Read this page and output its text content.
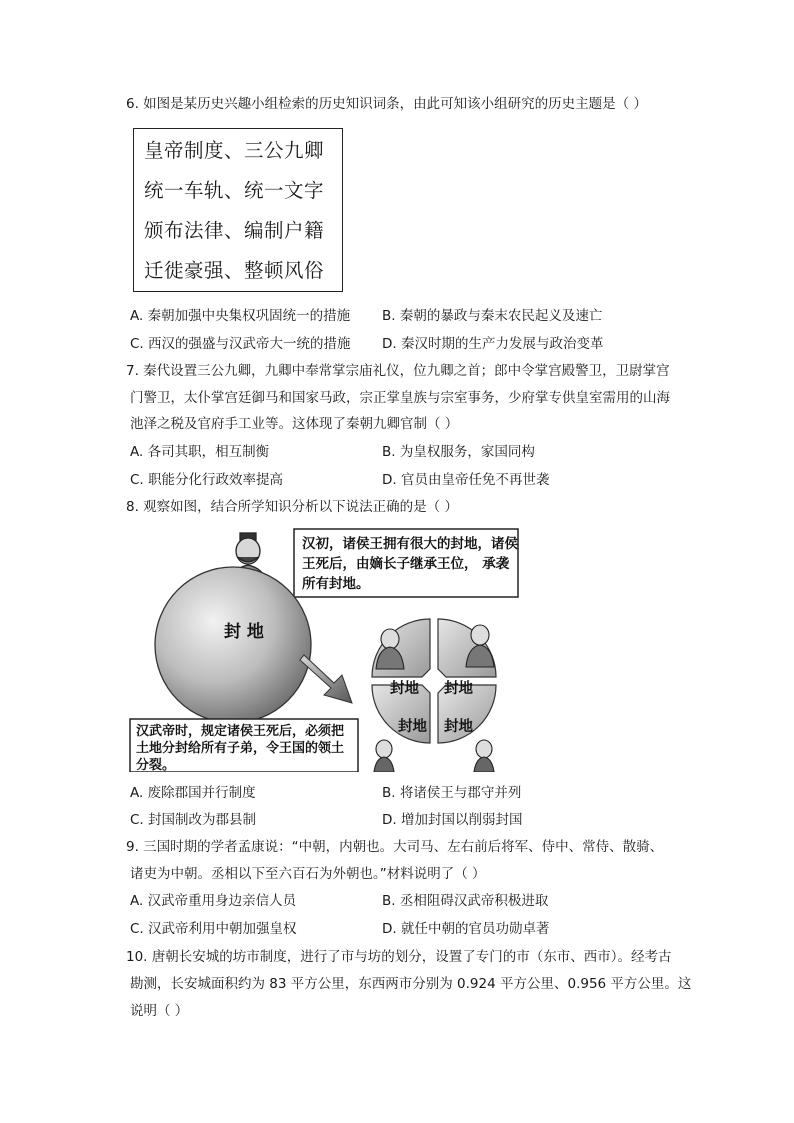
6. 如图是某历史兴趣小组检索的历史知识词条，由此可知该小组研究的历史主题是（ ）
皇帝制度、三公九卿
统一车轨、统一文字
颁布法律、编制户籍
迁徙豪强、整顿风俗
A. 秦朝加强中央集权巩固统一的措施 B. 秦朝的暴政与秦末农民起义及速亡
C. 西汉的强盛与汉武帝大一统的措施 D. 秦汉时期的生产力发展与政治变革
7. 秦代设置三公九卿，九卿中奉常掌宗庙礼仪，位九卿之首；郎中令掌宫殿警卫，卫尉掌宫
门警卫，太仆掌宫廷御马和国家马政，宗正掌皇族与宗室事务，少府掌专供皇室需用的山海
池泽之税及官府手工业等。这体现了秦朝九卿官制（ ）
A. 各司其职，相互制衡	B. 为皇权服务，家国同构
C. 职能分化行政效率提高	D. 官员由皇帝任免不再世袭
8. 观察如图，结合所学知识分析以下说法正确的是（ ）
汉初，诸侯王拥有很大的封地，诸侯
王死后，由嫡长子继承王位， 承袭
所有封地。
封 地
封地 封地
封地 封地
汉武帝时，规定诸侯王死后，必须把
土地分封给所有子弟，令王国的领土
分裂。
A. 废除郡国并行制度	B. 将诸侯王与郡守并列
C. 封国制改为郡县制	D. 增加封国以削弱封国
9. 三国时期的学者孟康说：“中朝，内朝也。大司马、左右前后将军、侍中、常侍、散骑、
诸吏为中朝。丞相以下至六百石为外朝也。”材料说明了（ ）
A. 汉武帝重用身边亲信人员	B. 丞相阻碍汉武帝积极进取
C. 汉武帝利用中朝加强皇权	D. 就任中朝的官员功勋卓著
10. 唐朝长安城的坊市制度，进行了市与坊的划分，设置了专门的市（东市、西市）。经考古
勘测，长安城面积约为 83 平方公里，东西两市分别为 0.924 平方公里、0.956 平方公里。这
说明（ ）
